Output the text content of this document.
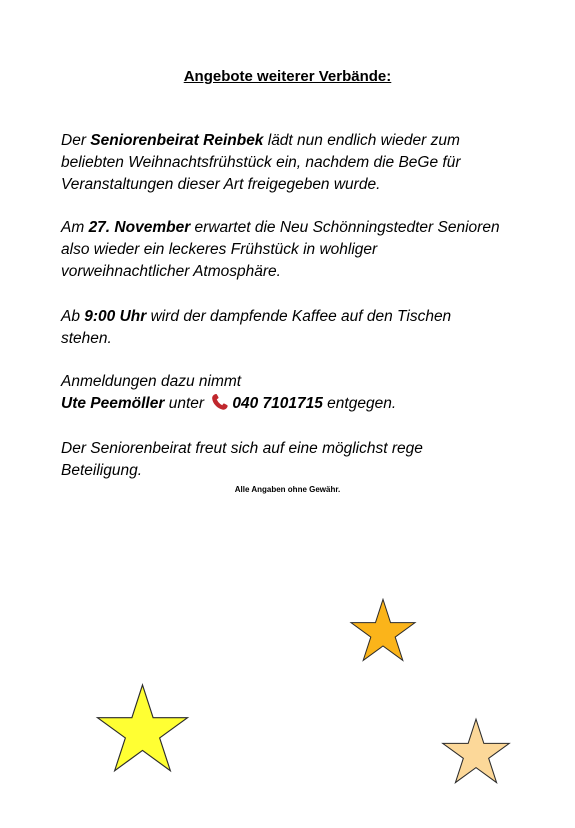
Angebote weiterer Verbände:

Der Seniorenbeirat Reinbek lädt nun endlich wieder zum beliebten Weihnachtsfrühstück ein, nachdem die BeGe für Veranstaltungen dieser Art freigegeben wurde.

Am 27. November erwartet die Neu Schönningstedter Senioren also wieder ein leckeres Frühstück in wohliger vorweihnachtlicher Atmosphäre.

Ab 9:00 Uhr wird der dampfende Kaffee auf den Tischen stehen.

Anmeldungen dazu nimmt

Ute Peemöller unter 040 7101715 entgegen.

Der Seniorenbeirat freut sich auf eine möglichst rege Beteiligung.

Alle Angaben ohne Gewähr.
